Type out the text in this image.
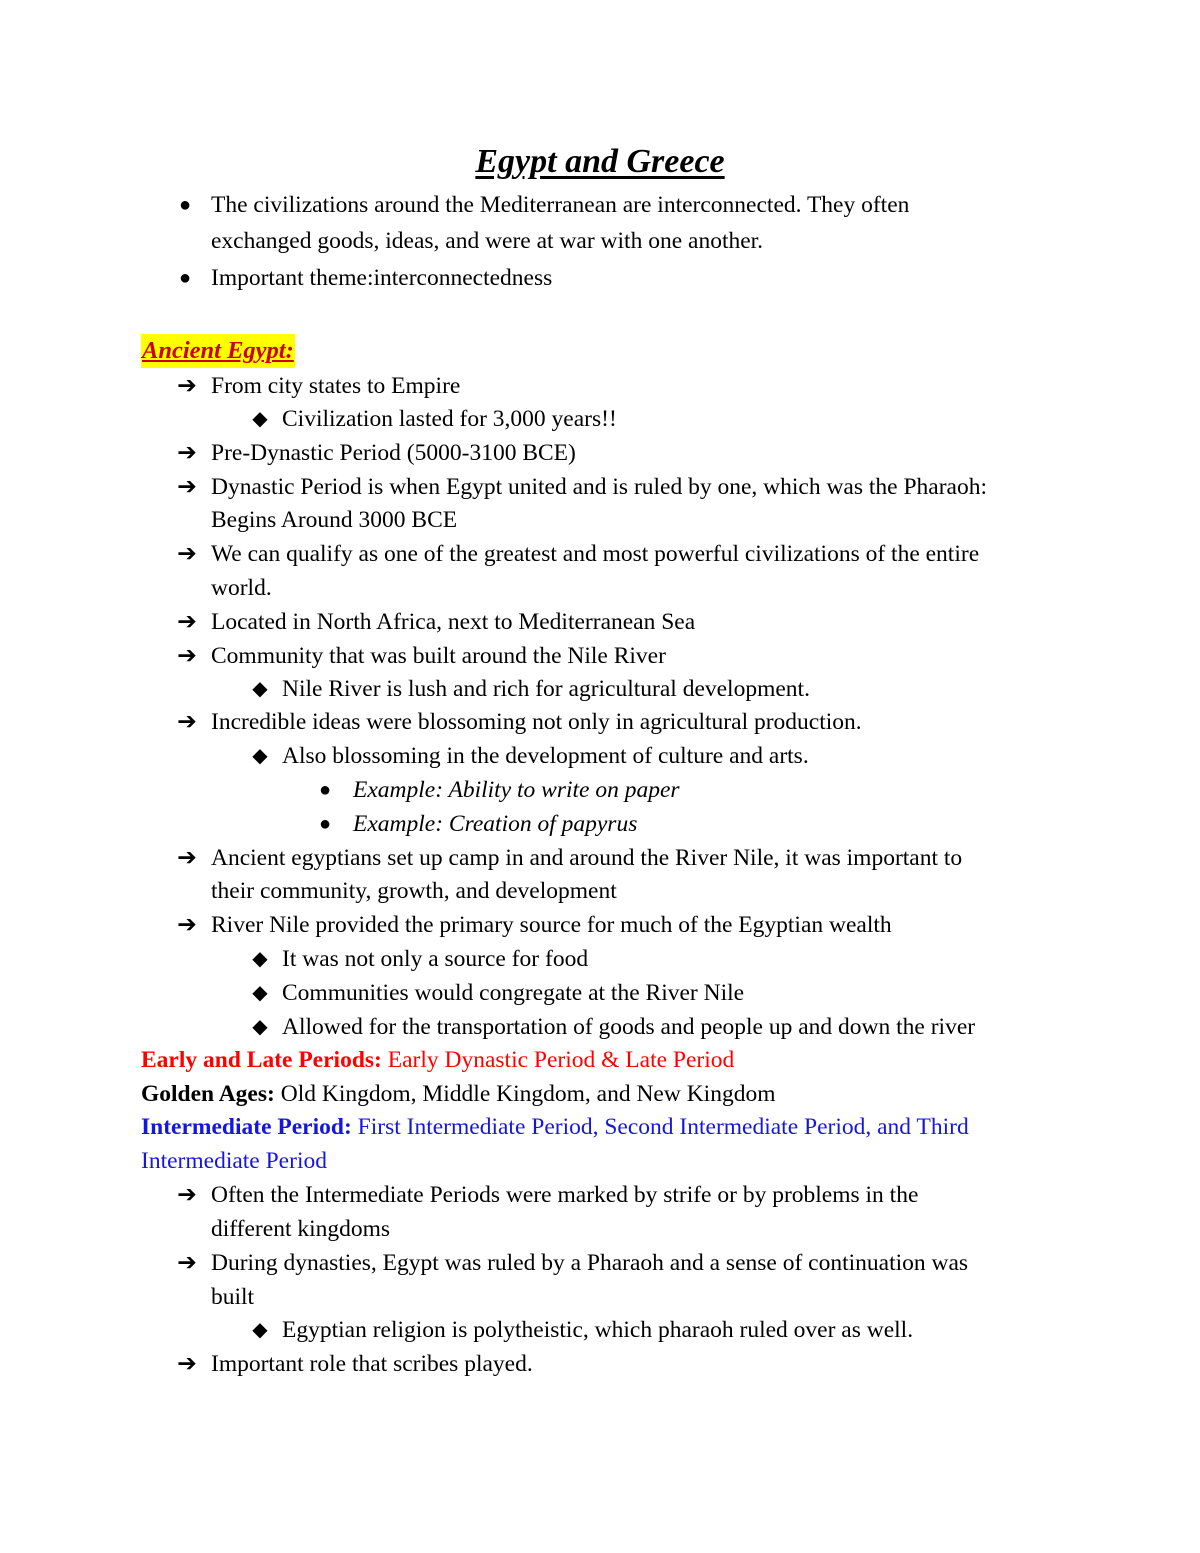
Egypt and Greece
● The civilizations around the Mediterranean are interconnected. They often
exchanged goods, ideas, and were at war with one another.
● Important theme:interconnectedness
Ancient Egypt:
➔ From city states to Empire
◆ Civilization lasted for 3,000 years!!
➔ Pre-Dynastic Period (5000-3100 BCE)
➔ Dynastic Period is when Egypt united and is ruled by one, which was the Pharaoh:
Begins Around 3000 BCE
➔ We can qualify as one of the greatest and most powerful civilizations of the entire
world.
➔ Located in North Africa, next to Mediterranean Sea
➔ Community that was built around the Nile River
◆ Nile River is lush and rich for agricultural development.
➔ Incredible ideas were blossoming not only in agricultural production.
◆ Also blossoming in the development of culture and arts.
● Example: Ability to write on paper
● Example: Creation of papyrus
➔ Ancient egyptians set up camp in and around the River Nile, it was important to
their community, growth, and development
➔ River Nile provided the primary source for much of the Egyptian wealth
◆ It was not only a source for food
◆ Communities would congregate at the River Nile
◆ Allowed for the transportation of goods and people up and down the river
Early and Late Periods: Early Dynastic Period & Late Period
Golden Ages: Old Kingdom, Middle Kingdom, and New Kingdom
Intermediate Period: First Intermediate Period, Second Intermediate Period, and Third
Intermediate Period
➔ Often the Intermediate Periods were marked by strife or by problems in the
different kingdoms
➔ During dynasties, Egypt was ruled by a Pharaoh and a sense of continuation was
built
◆ Egyptian religion is polytheistic, which pharaoh ruled over as well.
➔ Important role that scribes played.
